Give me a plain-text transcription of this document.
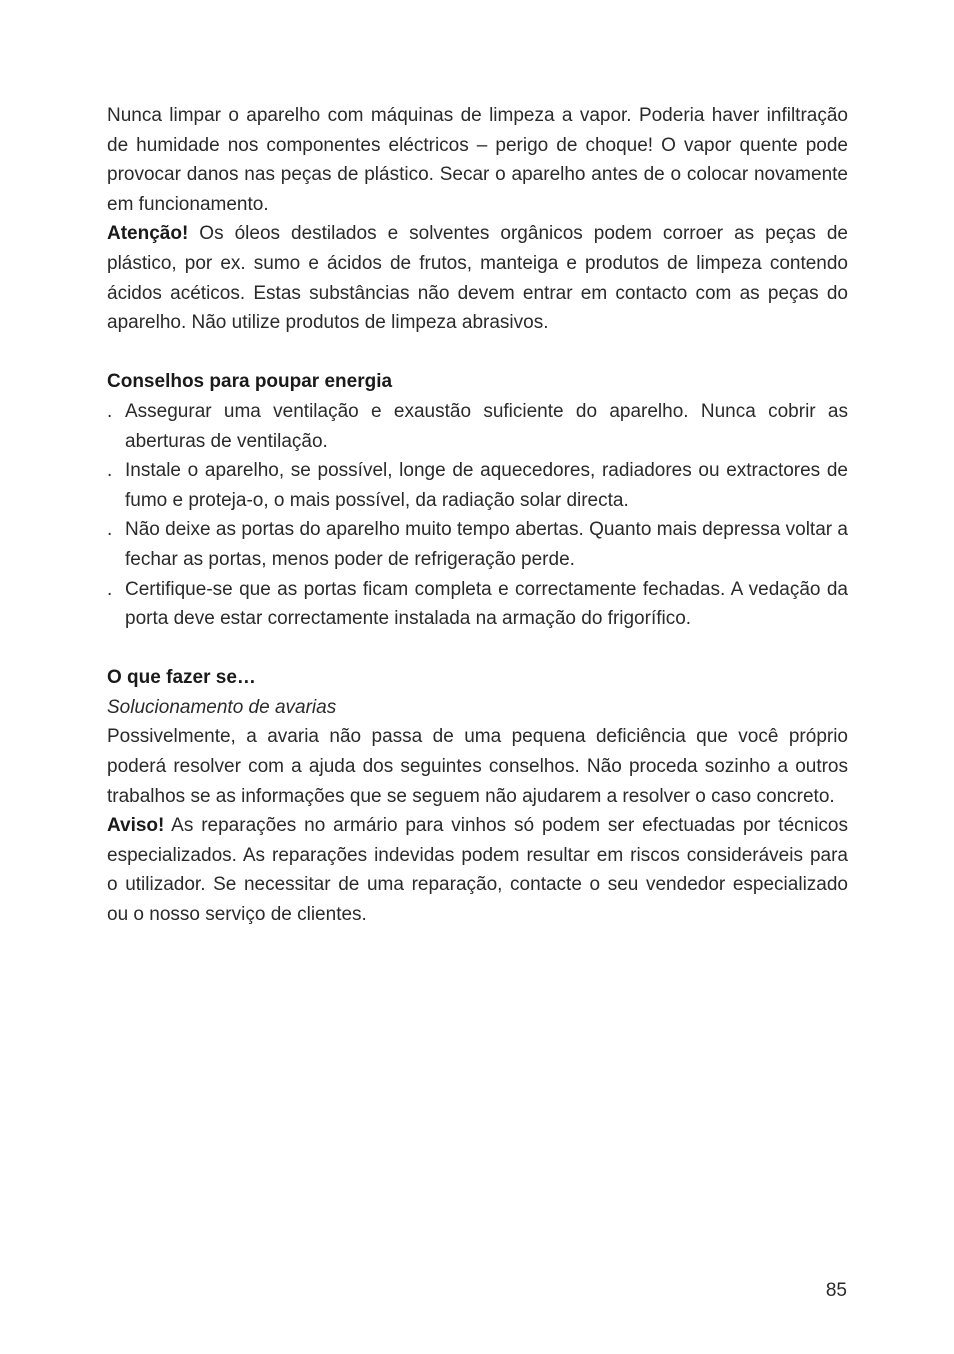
Nunca limpar o aparelho com máquinas de limpeza a vapor. Poderia haver infiltração de humidade nos componentes eléctricos – perigo de choque! O vapor quente pode provocar danos nas peças de plástico. Secar o aparelho antes de o colocar novamente em funcionamento.

Atenção! Os óleos destilados e solventes orgânicos podem corroer as peças de plástico, por ex. sumo e ácidos de frutos, manteiga e produtos de limpeza contendo ácidos acéticos. Estas substâncias não devem entrar em contacto com as peças do aparelho. Não utilize produtos de limpeza abrasivos.

Conselhos para poupar energia

. Assegurar uma ventilação e exaustão suficiente do aparelho. Nunca cobrir as aberturas de ventilação.
. Instale o aparelho, se possível, longe de aquecedores, radiadores ou extractores de fumo e proteja-o, o mais possível, da radiação solar directa.
. Não deixe as portas do aparelho muito tempo abertas. Quanto mais depressa voltar a fechar as portas, menos poder de refrigeração perde.
. Certifique-se que as portas ficam completa e correctamente fechadas. A vedação da porta deve estar correctamente instalada na armação do frigorífico.

O que fazer se…

Solucionamento de avarias

Possivelmente, a avaria não passa de uma pequena deficiência que você próprio poderá resolver com a ajuda dos seguintes conselhos. Não proceda sozinho a outros trabalhos se as informações que se seguem não ajudarem a resolver o caso concreto.

Aviso! As reparações no armário para vinhos só podem ser efectuadas por técnicos especializados. As reparações indevidas podem resultar em riscos consideráveis para o utilizador. Se necessitar de uma reparação, contacte o seu vendedor especializado ou o nosso serviço de clientes.

85
